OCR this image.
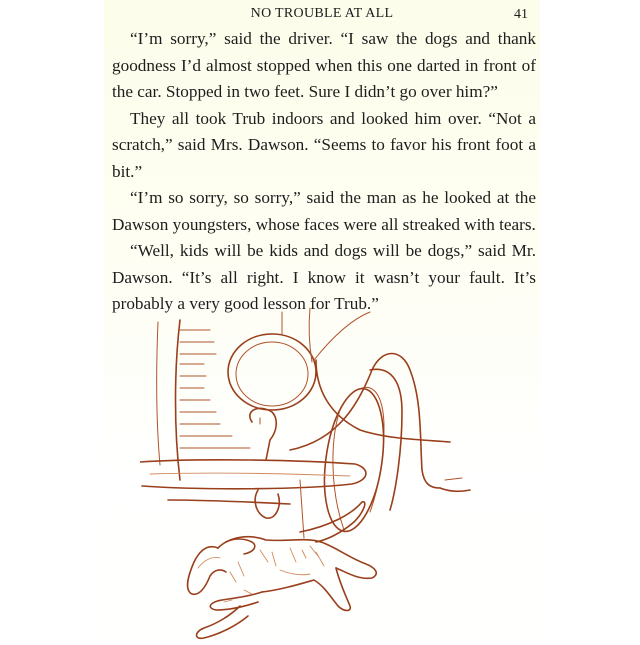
NO TROUBLE AT ALL	41

“I’m sorry,” said the driver. “I saw the dogs and thank goodness I’d almost stopped when this one darted in front of the car. Stopped in two feet. Sure I didn’t go over him?”

They all took Trub indoors and looked him over. “Not a scratch,” said Mrs. Dawson. “Seems to favor his front foot a bit.”

“I’m so sorry, so sorry,” said the man as he looked at the Dawson youngsters, whose faces were all streaked with tears.

“Well, kids will be kids and dogs will be dogs,” said Mr. Dawson. “It’s all right. I know it wasn’t your fault. It’s probably a very good lesson for Trub.”
